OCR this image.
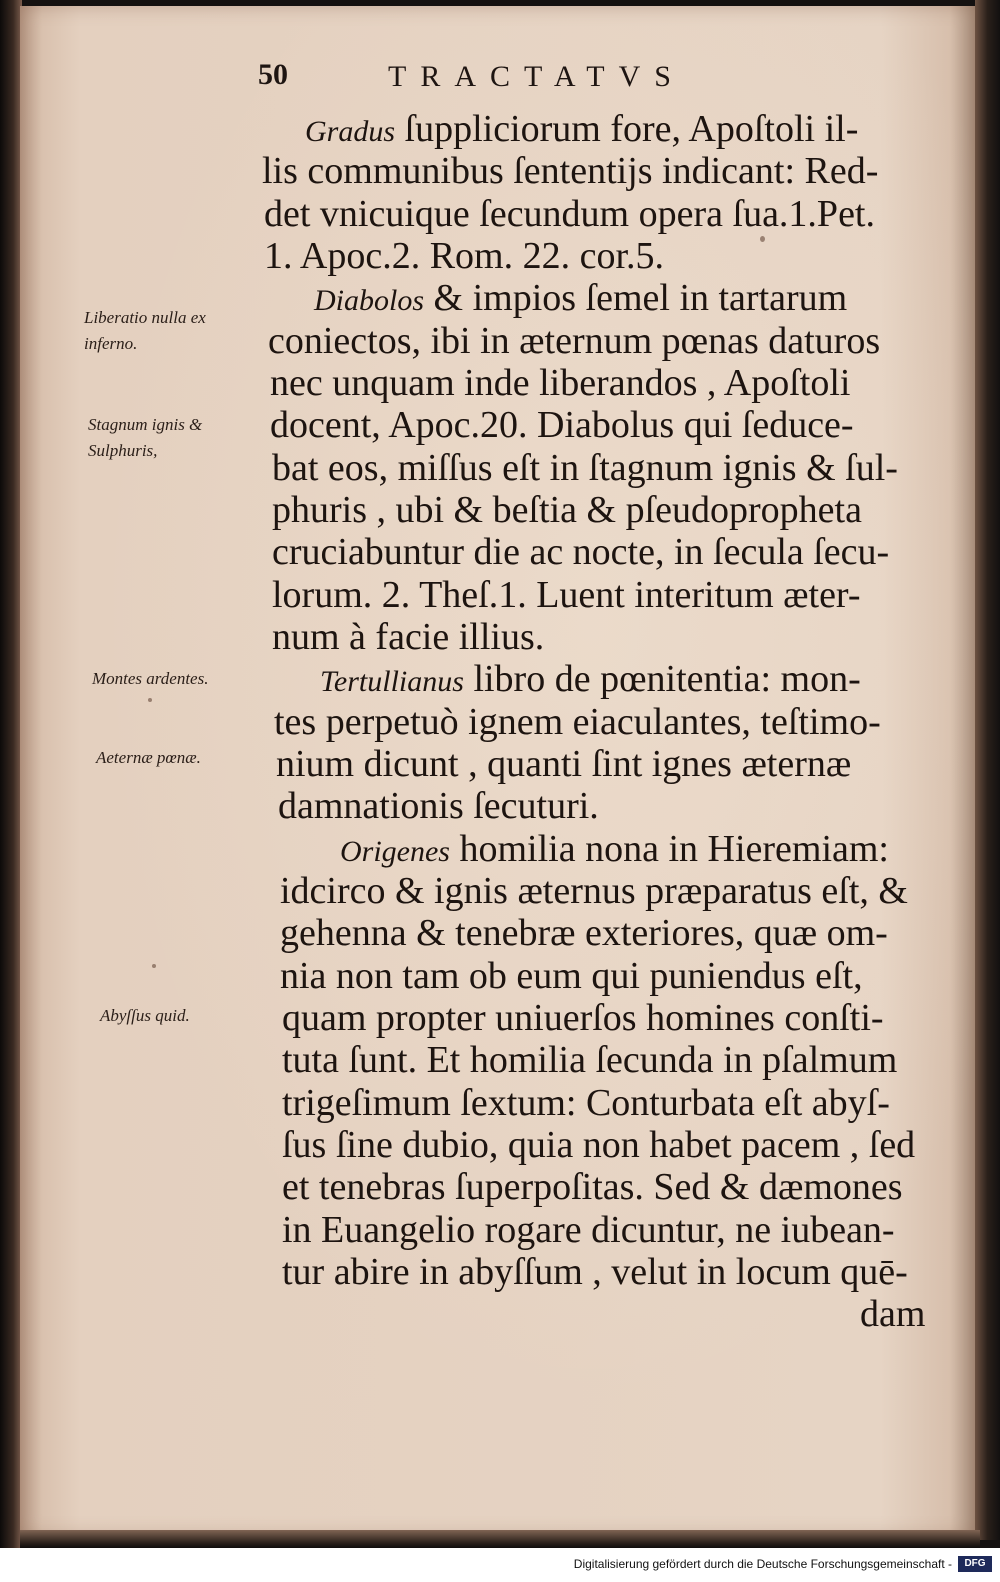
50	TRACTATVS
Gradus ſuppliciorum fore, Apoſtoli il-
lis communibus ſententijs indicant: Red-
det vnicuique ſecundum opera ſua.1.Pet.
1. Apoc.2. Rom. 22. cor.5.
Diabolos & impios ſemel in tartarum
coniectos, ibi in æternum pœnas daturos
nec unquam inde liberandos , Apoſtoli
docent, Apoc.20. Diabolus qui ſeduce-
bat eos, miſſus eſt in ſtagnum ignis & ſul-
phuris , ubi & beſtia & pſeudopropheta
cruciabuntur die ac nocte, in ſecula ſecu-
lorum. 2. Theſ.1. Luent interitum æter-
num à facie illius.
Tertullianus libro de pœnitentia: mon-
tes perpetuò ignem eiaculantes, teſtimo-
nium dicunt , quanti ſint ignes æternæ
damnationis ſecuturi.
Origenes homilia nona in Hieremiam:
idcirco & ignis æternus præparatus eſt, &
gehenna & tenebræ exteriores, quæ om-
nia non tam ob eum qui puniendus eſt,
quam propter uniuerſos homines conſti-
tuta ſunt. Et homilia ſecunda in pſalmum
trigeſimum ſextum: Conturbata eſt abyſ-
ſus ſine dubio, quia non habet pacem , ſed
et tenebras ſuperpoſitas. Sed & dæmones
in Euangelio rogare dicuntur, ne iubean-
tur abire in abyſſum , velut in locum quē-
dam
Liberatio nulla ex
inferno.
Stagnum ignis &
Sulphuris,
Montes ardentes.
Aeternæ pœnæ.
Abyſſus quid.
Digitalisierung gefördert durch die Deutsche Forschungsgemeinschaft -	DFG
